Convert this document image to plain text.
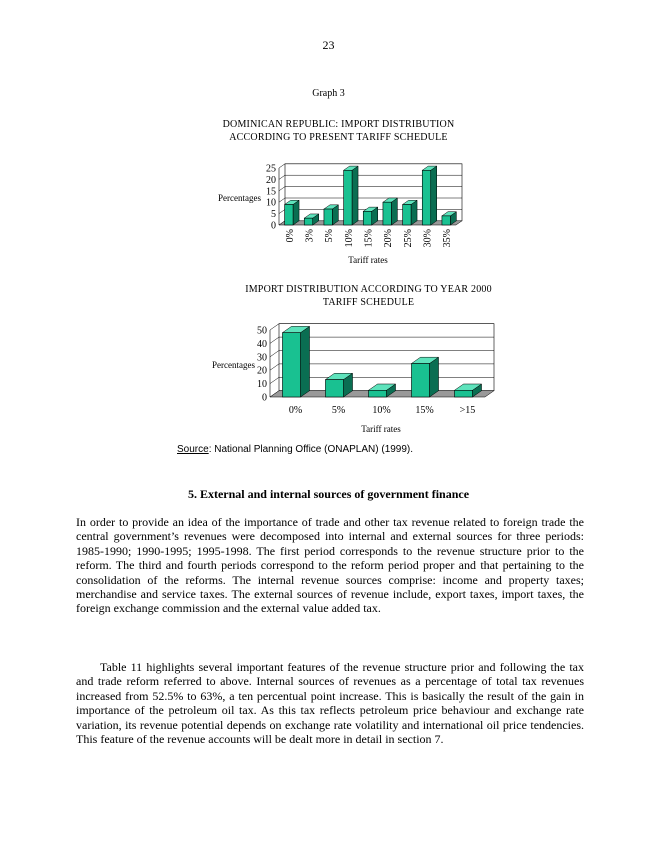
23
Graph 3
DOMINICAN REPUBLIC: IMPORT DISTRIBUTION
ACCORDING TO PRESENT TARIFF SCHEDULE
0
5
10
15
20
25
0% 3% 5% 10% 15% 20% 25% 30% 35%
Percentages
Tariff rates
IMPORT DISTRIBUTION ACCORDING TO YEAR 2000
TARIFF SCHEDULE
0
10
20
30
40
50
0%	5%	10% 15%	>15
Percentages
Tariff rates
Source: National Planning Office (ONAPLAN) (1999).
5. External and internal sources of government finance
In order to provide an idea of the importance of trade and other tax revenue related to foreign trade the central government’s revenues were decomposed into internal and external sources for three periods: 1985-1990; 1990-1995; 1995-1998. The first period corresponds to the revenue structure prior to the reform. The third and fourth periods correspond to the reform period proper and that pertaining to the consolidation of the reforms. The internal revenue sources comprise: income and property taxes; merchandise and service taxes. The external sources of revenue include, export taxes, import taxes, the foreign exchange commission and the external value added tax.
Table 11 highlights several important features of the revenue structure prior and following the tax and trade reform referred to above. Internal sources of revenues as a percentage of total tax revenues increased from 52.5% to 63%, a ten percentual point increase. This is basically the result of the gain in importance of the petroleum oil tax. As this tax reflects petroleum price behaviour and exchange rate variation, its revenue potential depends on exchange rate volatility and international oil price tendencies. This feature of the revenue accounts will be dealt more in detail in section 7.
